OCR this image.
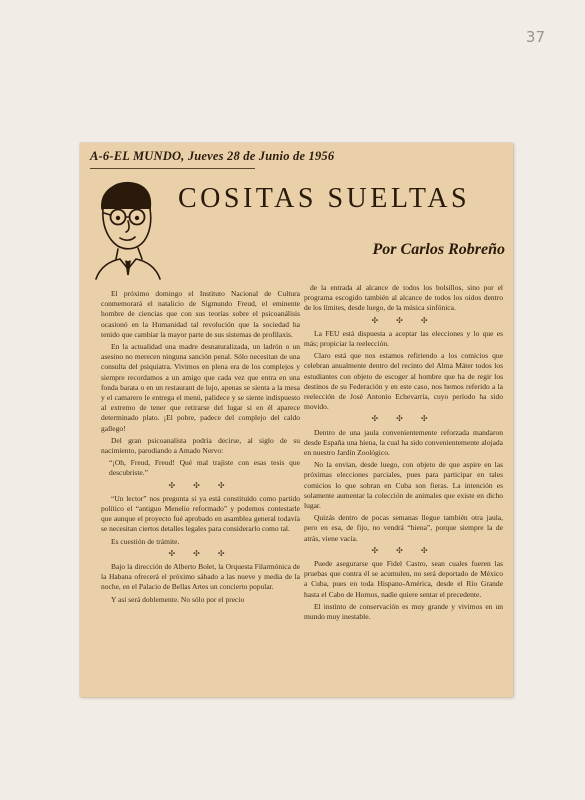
37
A-6-EL MUNDO, Jueves 28 de Junio de 1956
COSITAS SUELTAS
Por Carlos Robreño

El próximo domingo el Instituto Nacional de Cultura conmemorará el natalicio de Sigmundo Freud, el eminente hombre de ciencias que con sus teorías sobre el psicoanálisis ocasionó en la Humanidad tal revolución que la sociedad ha tenido que cambiar la mayor parte de sus sistemas de profilaxis.

En la actualidad una madre desnaturalizada, un ladrón o un asesino no merecen ninguna sanción penal. Sólo necesitan de una consulta del psiquiatra. Vivimos en plena era de los complejos y siempre recordamos a un amigo que cada vez que entra en una fonda barata o en un restaurant de lujo, apenas se sienta a la mesa y el camarero le entrega el menú, palidece y se siente indispuesto al extremo de tener que retirarse del lugar si en él aparece determinado plato. ¡El pobre, padece del complejo del caldo gallego!

Del gran psicoanalista podría decirse, al siglo de su nacimiento, parodiando a Amado Nervo:

“¡Oh, Freud, Freud! Qué mal trajiste con esas tesis que descubriste.”

✣ ✣ ✣

“Un lector” nos pregunta si ya está constituido como partido político el “antiguo Menelio reformado” y podemos contestarle que aunque el proyecto fué aprobado en asamblea general todavía se necesitan ciertos detalles legales para considerarlo como tal.

Es cuestión de trámite.

✣ ✣ ✣

Bajo la dirección de Alberto Bolet, la Orquesta Filarmónica de la Habana ofrecerá el próximo sábado a las nueve y media de la noche, en el Palacio de Bellas Artes un concierto popular.

Y así será doblemente. No sólo por el precio

de la entrada al alcance de todos los bolsillos, sino por el programa escogido también al alcance de todos los oídos dentro de los límites, desde luego, de la música sinfónica.

✣ ✣ ✣

La FEU está dispuesta a aceptar las elecciones y lo que es más; propiciar la reelección.

Claro está que nos estamos refiriendo a los comicios que celebran anualmente dentro del recinto del Alma Máter todos los estudiantes con objeto de escoger al hombre que ha de regir los destinos de su Federación y en este caso, nos hemos referido a la reelección de José Antonio Echevarría, cuyo período ha sido movido.

✣ ✣ ✣

Dentro de una jaula convenientemente reforzada mandaron desde España una hiena, la cual ha sido convenientemente alojada en nuestro Jardín Zoológico.

No la envían, desde luego, con objeto de que aspire en las próximas elecciones parciales, pues para participar en tales comicios lo que sobran en Cuba son fieras. La intención es solamente aumentar la colección de animales que existe en dicho lugar.

Quizás dentro de pocas semanas llegue también otra jaula, pero en esa, de fijo, no vendrá “hiena”, porque siempre la de atrás, viene vacía.

✣ ✣ ✣

Puede asegurarse que Fidel Castro, sean cuales fueren las pruebas que contra él se acumulen, no será deportado de México a Cuba, pues en toda Hispano-América, desde el Río Grande hasta el Cabo de Hornos, nadie quiere sentar el precedente.

El instinto de conservación es muy grande y vivimos en un mundo muy inestable.
